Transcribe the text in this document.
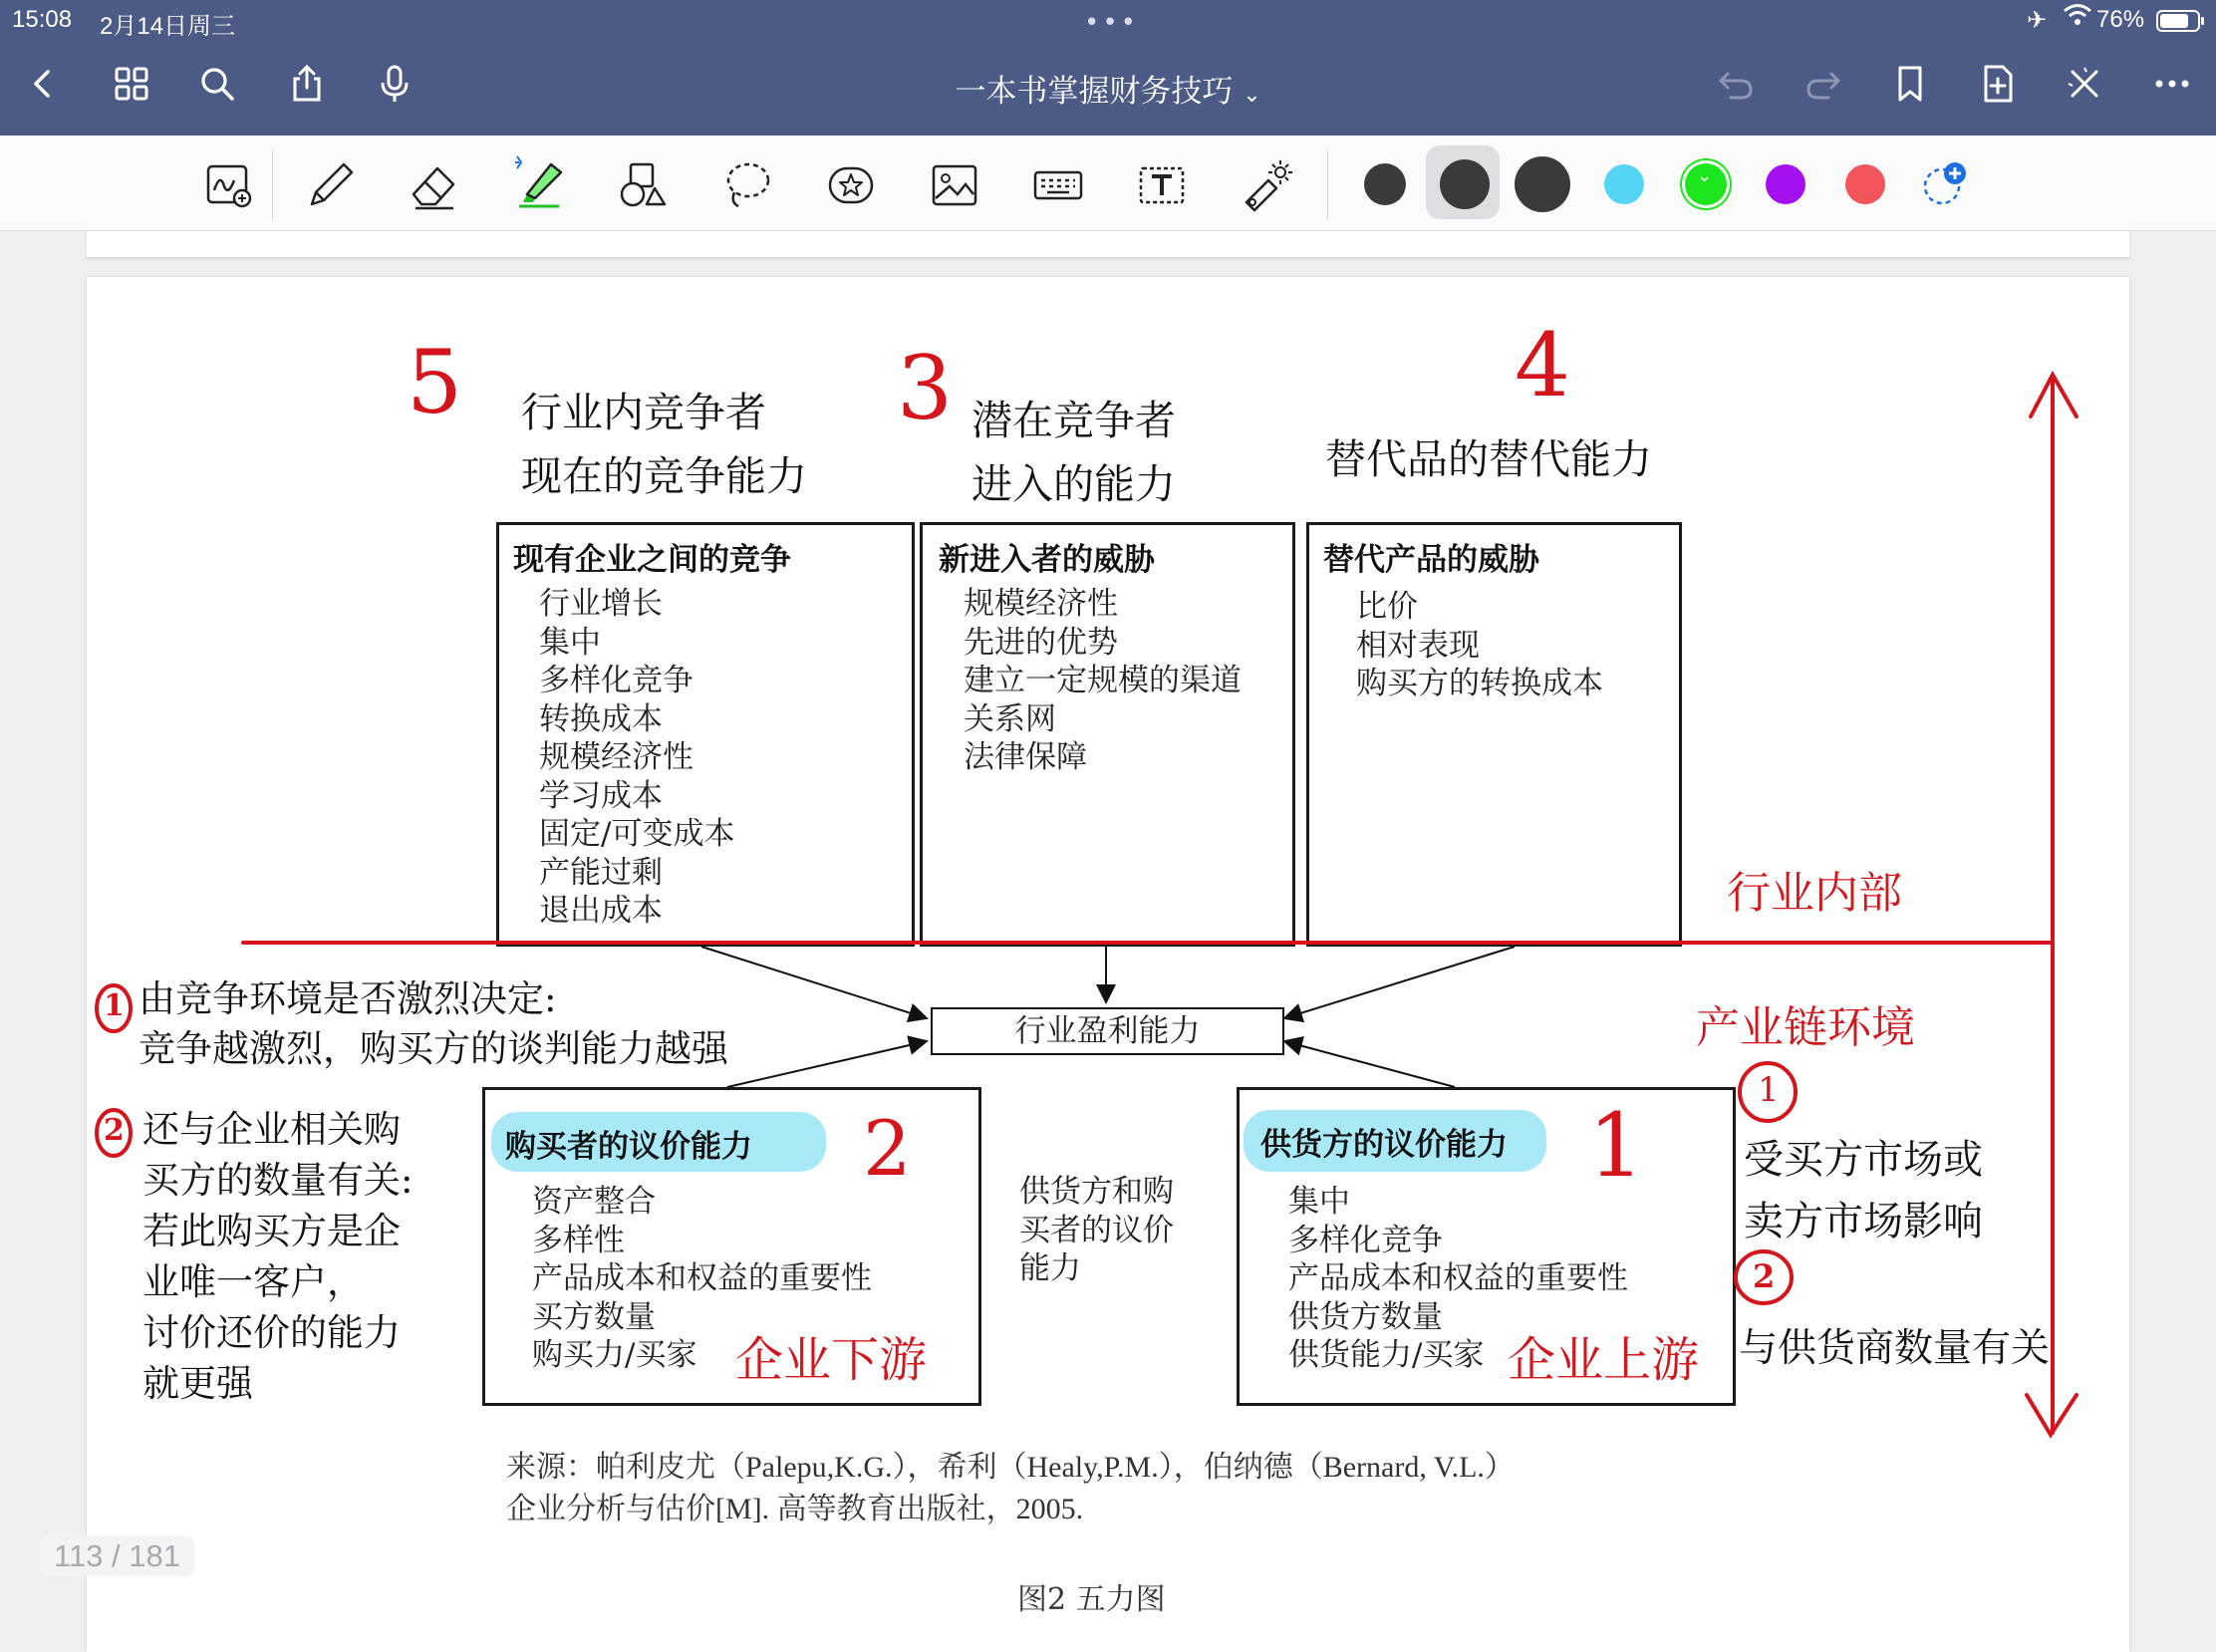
15:08 2月14日周三	•••	✈ 76%
一本书掌握财务技巧 ⌄
⌄
现有企业之间的竞争
行业增长
集中
多样化竞争
转换成本
规模经济性
学习成本
固定/可变成本
产能过剩
退出成本
新进入者的威胁
规模经济性
先进的优势
建立一定规模的渠道
关系网
法律保障
替代产品的威胁
比价
相对表现
购买方的转换成本
行业盈利能力
购买者的议价能力
资产整合
多样性
产品成本和权益的重要性
买方数量
购买力/买家
供货方和购
买者的议价
能力
供货方的议价能力
集中
多样化竞争
产品成本和权益的重要性
供货方数量
供货能力/买家
来源：帕利皮尤（Palepu,K.G.），希利（Healy,P.M.），伯纳德（Bernard, V.L.）
企业分析与估价[M]. 高等教育出版社，2005.
图2 五力图
113 / 181
5 行业内竞争者
现在的竞争能力
3 潜在竞争者
进入的能力
4
替代品的替代能力
行业内部
产业链环境
1 由竞争环境是否激烈决定:
竞争越激烈，购买方的谈判能力越强
2 还与企业相关购
买方的数量有关:
若此购买方是企
业唯一客户，
讨价还价的能力
就更强
2	1
企业下游	企业上游
1
受买方市场或
卖方市场影响
2
与供货商数量有关
